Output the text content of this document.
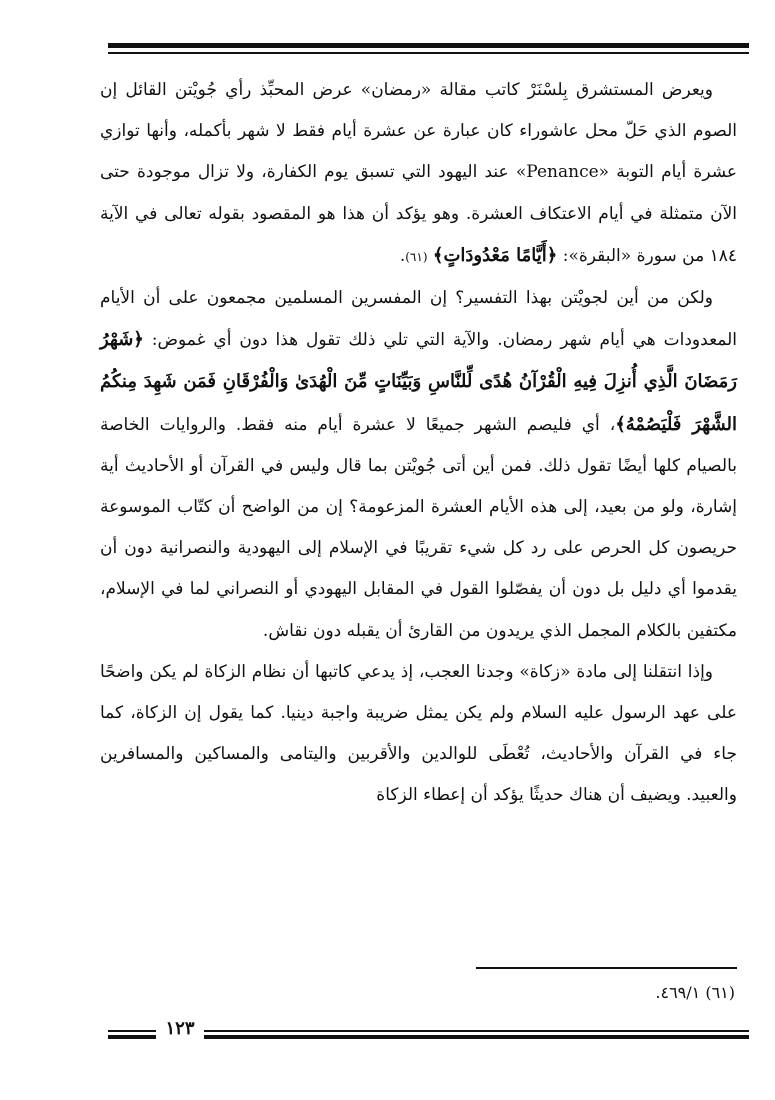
ويعرض المستشرق بِلسْنَرْ كاتب مقالة «رمضان» عرض المحبِّذ رأي جُويْتن القائل إن الصوم الذي حَلّ محل عاشوراء كان عبارة عن عشرة أيام فقط لا شهر بأكمله، وأنها توازي عشرة أيام التوبة «Penance» عند اليهود التي تسبق يوم الكفارة، ولا تزال موجودة حتى الآن متمثلة في أيام الاعتكاف العشرة. وهو يؤكد أن هذا هو المقصود بقوله تعالى في الآية ١٨٤ من سورة «البقرة»: ﴿أَيَّامًا مَعْدُودَاتٍ﴾ (٦١).

ولكن من أين لجويْتن بهذا التفسير؟ إن المفسرين المسلمين مجمعون على أن الأيام المعدودات هي أيام شهر رمضان. والآية التي تلي ذلك تقول هذا دون أي غموض: ﴿شَهْرُ رَمَضَانَ الَّذِي أُنزِلَ فِيهِ الْقُرْآنُ هُدًى لِّلنَّاسِ وَبَيِّنَاتٍ مِّنَ الْهُدَىٰ وَالْفُرْقَانِ فَمَن شَهِدَ مِنكُمُ الشَّهْرَ فَلْيَصُمْهُ﴾، أي فليصم الشهر جميعًا لا عشرة أيام منه فقط. والروايات الخاصة بالصيام كلها أيضًا تقول ذلك. فمن أين أتى جُويْتن بما قال وليس في القرآن أو الأحاديث أية إشارة، ولو من بعيد، إلى هذه الأيام العشرة المزعومة؟ إن من الواضح أن كتّاب الموسوعة حريصون كل الحرص على رد كل شيء تقريبًا في الإسلام إلى اليهودية والنصرانية دون أن يقدموا أي دليل بل دون أن يفصّلوا القول في المقابل اليهودي أو النصراني لما في الإسلام، مكتفين بالكلام المجمل الذي يريدون من القارئ أن يقبله دون نقاش.

وإذا انتقلنا إلى مادة «زكاة» وجدنا العجب، إذ يدعي كاتبها أن نظام الزكاة لم يكن واضحًا على عهد الرسول عليه السلام ولم يكن يمثل ضريبة واجبة دينيا. كما يقول إن الزكاة، كما جاء في القرآن والأحاديث، تُعْطَى للوالدين والأقربين واليتامى والمساكين والمسافرين والعبيد. ويضيف أن هناك حديثًا يؤكد أن إعطاء الزكاة

(٦١) ٤٦٩/١.
١٢٣
